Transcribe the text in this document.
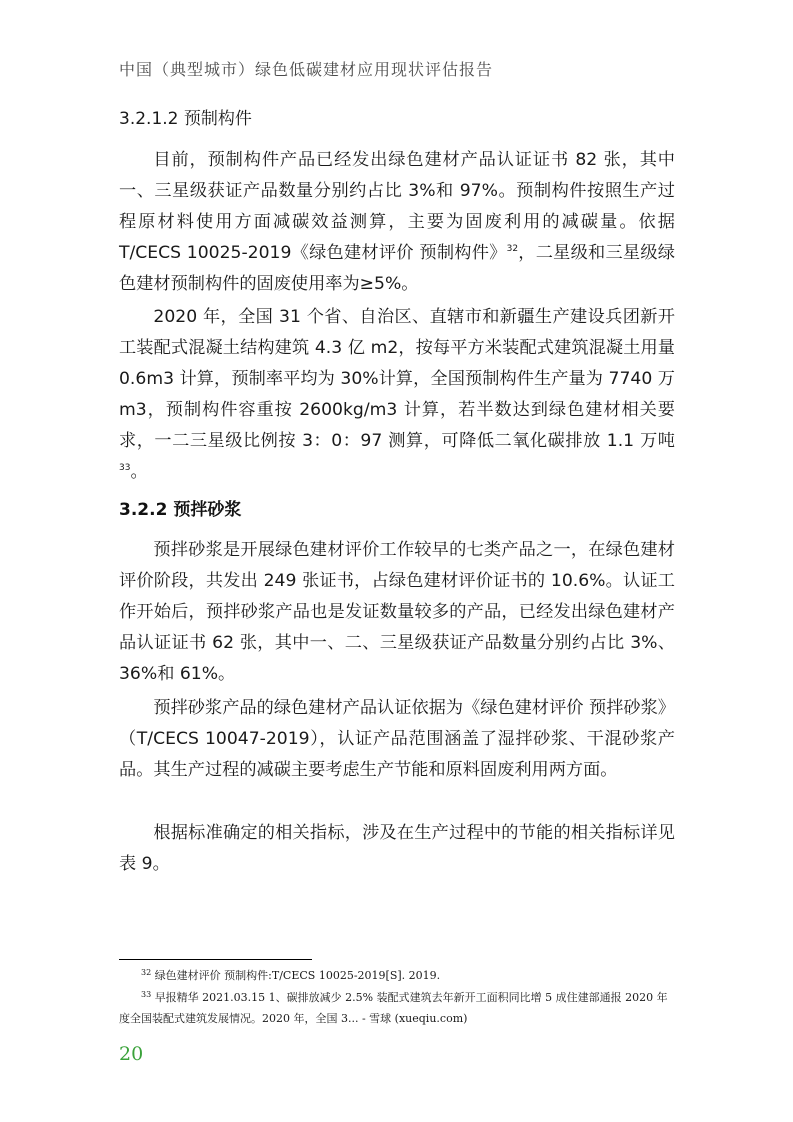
中国（典型城市）绿色低碳建材应用现状评估报告
3.2.1.2 预制构件

目前，预制构件产品已经发出绿色建材产品认证证书 82 张，其中一、三星级获证产品数量分别约占比 3%和 97%。预制构件按照生产过程原材料使用方面减碳效益测算，主要为固废利用的减碳量。依据 T/CECS 10025-2019《绿色建材评价 预制构件》$^{32}$，二星级和三星级绿色建材预制构件的固废使用率为≥5%。

2020 年，全国 31 个省、自治区、直辖市和新疆生产建设兵团新开工装配式混凝土结构建筑 4.3 亿 m2，按每平方米装配式建筑混凝土用量 0.6m3 计算，预制率平均为 30%计算，全国预制构件生产量为 7740 万 m3，预制构件容重按 2600kg/m3 计算，若半数达到绿色建材相关要求，一二三星级比例按 3：0：97 测算，可降低二氧化碳排放 1.1 万吨$^{33}$。

3.2.2 预拌砂浆

预拌砂浆是开展绿色建材评价工作较早的七类产品之一，在绿色建材评价阶段，共发出 249 张证书，占绿色建材评价证书的 10.6%。认证工作开始后，预拌砂浆产品也是发证数量较多的产品，已经发出绿色建材产品认证证书 62 张，其中一、二、三星级获证产品数量分别约占比 3%、36%和 61%。

预拌砂浆产品的绿色建材产品认证依据为《绿色建材评价 预拌砂浆》（T/CECS 10047-2019），认证产品范围涵盖了湿拌砂浆、干混砂浆产品。其生产过程的减碳主要考虑生产节能和原料固废利用两方面。

根据标准确定的相关指标，涉及在生产过程中的节能的相关指标详见表 9。

$^{32}$ 绿色建材评价 预制构件:T/CECS 10025-2019[S]. 2019.

$^{33}$ 早报精华 2021.03.15 1、碳排放减少 2.5% 装配式建筑去年新开工面积同比增 5 成住建部通报 2020 年度全国装配式建筑发展情况。2020 年，全国 3... - 雪球 (xueqiu.com)

20
